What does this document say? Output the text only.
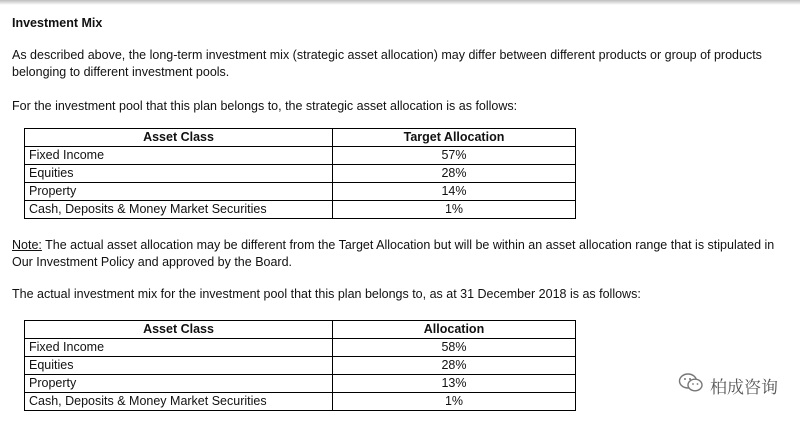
Investment Mix
As described above, the long-term investment mix (strategic asset allocation) may differ between different products or group of products belonging to different investment pools.
For the investment pool that this plan belongs to, the strategic asset allocation is as follows:
Asset Class	Target Allocation
Fixed Income	57%
Equities	28%
Property	14%
Cash, Deposits & Money Market Securities	1%
Note: The actual asset allocation may be different from the Target Allocation but will be within an asset allocation range that is stipulated in Our Investment Policy and approved by the Board.
The actual investment mix for the investment pool that this plan belongs to, as at 31 December 2018 is as follows:
Asset Class	Allocation
Fixed Income	58%
Equities	28%
Property	13%
Cash, Deposits & Money Market Securities	1%
柏成咨询
